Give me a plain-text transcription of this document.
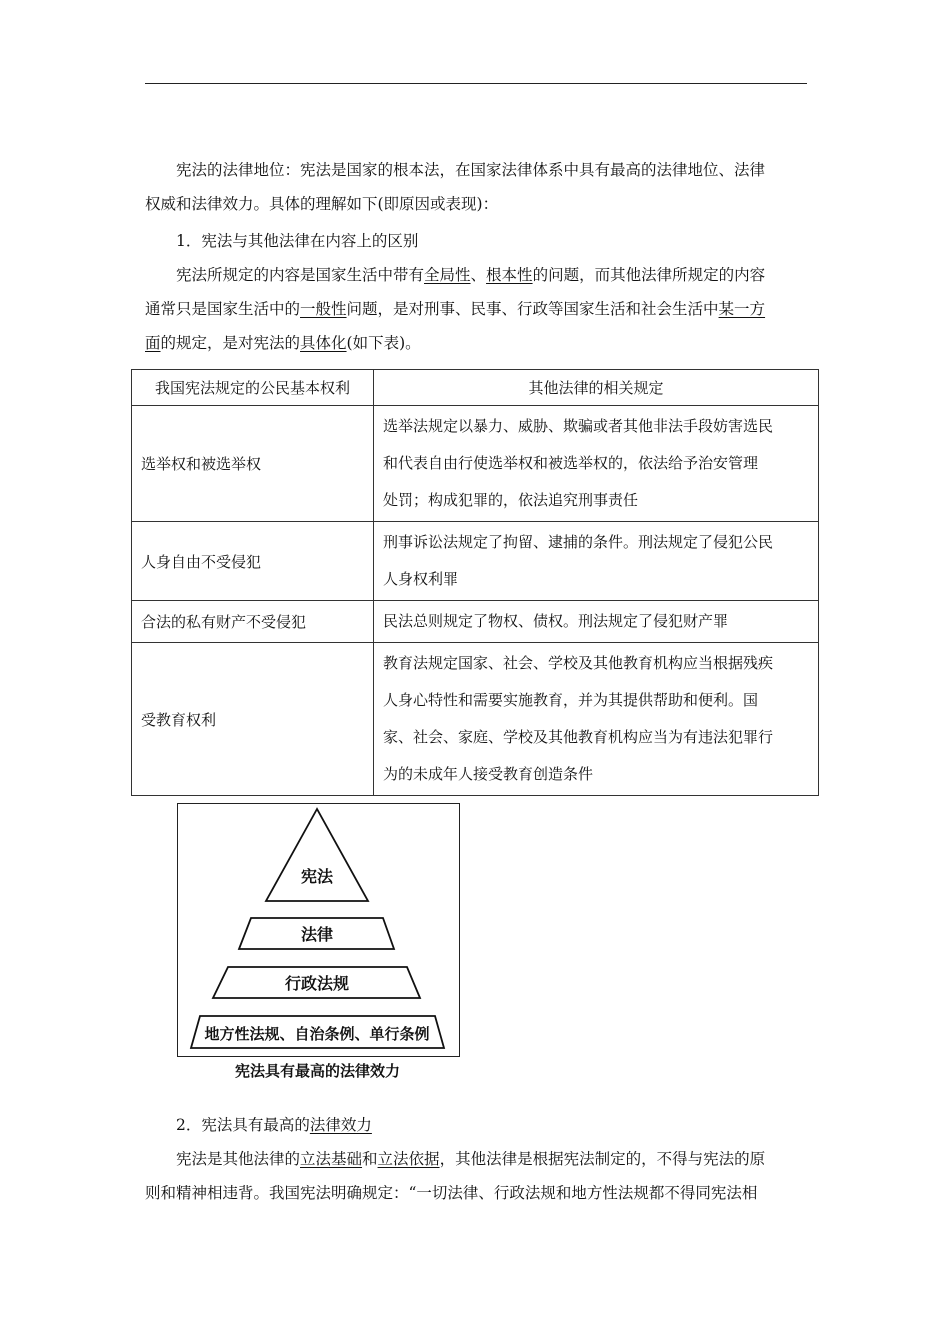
宪法的法律地位：宪法是国家的根本法，在国家法律体系中具有最高的法律地位、法律
权威和法律效力。具体的理解如下(即原因或表现)：

1．宪法与其他法律在内容上的区别

宪法所规定的内容是国家生活中带有全局性、根本性的问题，而其他法律所规定的内容
通常只是国家生活中的一般性问题，是对刑事、民事、行政等国家生活和社会生活中某一方
面的规定，是对宪法的具体化(如下表)。

我国宪法规定的公民基本权利	其他法律的相关规定
选举权和被选举权	选举法规定以暴力、威胁、欺骗或者其他非法手段妨害选民
和代表自由行使选举权和被选举权的，依法给予治安管理
处罚；构成犯罪的，依法追究刑事责任

人身自由不受侵犯	刑事诉讼法规定了拘留、逮捕的条件。刑法规定了侵犯公民
人身权利罪

合法的私有财产不受侵犯	民法总则规定了物权、债权。刑法规定了侵犯财产罪

受教育权利	教育法规定国家、社会、学校及其他教育机构应当根据残疾
人身心特性和需要实施教育，并为其提供帮助和便利。国
家、社会、家庭、学校及其他教育机构应当为有违法犯罪行
为的未成年人接受教育创造条件
宪法
法律
行政法规
地方性法规、自治条例、单行条例
宪法具有最高的法律效力

2．宪法具有最高的法律效力

宪法是其他法律的立法基础和立法依据，其他法律是根据宪法制定的，不得与宪法的原
则和精神相违背。我国宪法明确规定：“一切法律、行政法规和地方性法规都不得同宪法相
